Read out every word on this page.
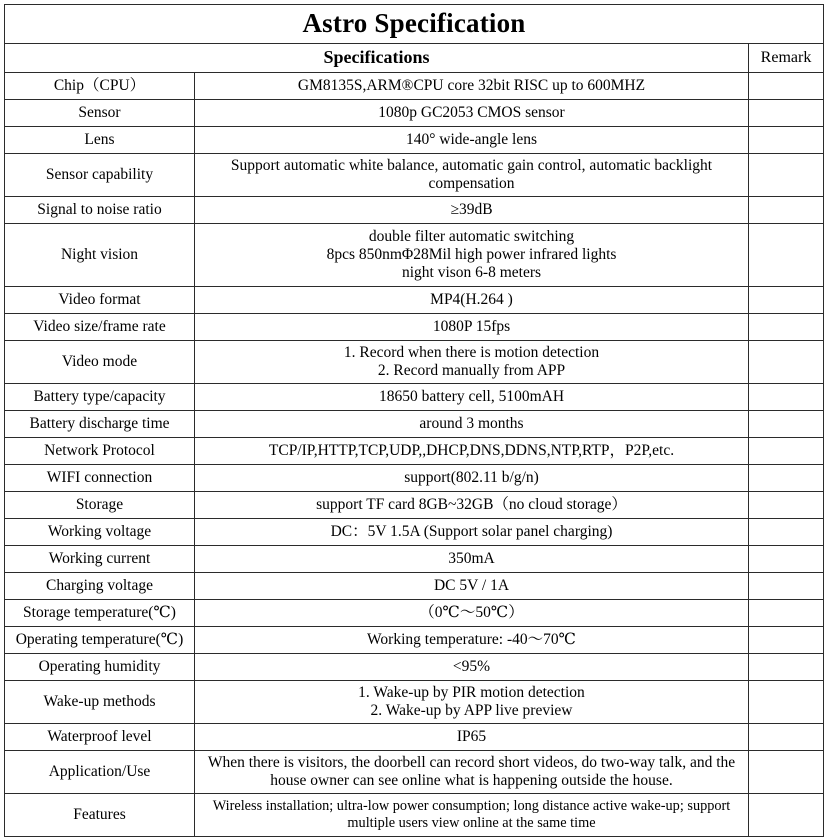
Astro Specification		
Specifications		Remark
Chip（CPU）	GM8135S,ARM®CPU core 32bit RISC up to 600MHZ	

Sensor	1080p GC2053 CMOS sensor	

Lens	140° wide-angle lens	

Sensor capability	Support automatic white balance, automatic gain control, automatic backlight
compensation	

Signal to noise ratio	≥39dB	

Night vision	double filter automatic switching
8pcs 850nmΦ28Mil high power infrared lights
night vison 6-8 meters	

Video format	MP4(H.264 )	

Video size/frame rate	1080P 15fps	

Video mode	1. Record when there is motion detection
2. Record manually from APP	

Battery type/capacity	18650 battery cell, 5100mAH	

Battery discharge time	around 3 months	

Network Protocol	TCP/IP,HTTP,TCP,UDP,,DHCP,DNS,DDNS,NTP,RTP，P2P,etc.	

WIFI connection	support(802.11 b/g/n)	

Storage	support TF card 8GB~32GB（no cloud storage）	

Working voltage	DC：5V 1.5A (Support solar panel charging)	

Working current	350mA	

Charging voltage	DC 5V / 1A	

Storage temperature(℃)	（0℃〜50℃）	

Operating temperature(℃)	Working temperature: -40〜70℃	

Operating humidity	<95%	

Wake-up methods	1. Wake-up by PIR motion detection
2. Wake-up by APP live preview	

Waterproof level	IP65	

Application/Use	When there is visitors, the doorbell can record short videos, do two-way talk, and the
house owner can see online what is happening outside the house.	

Features	Wireless installation; ultra-low power consumption; long distance active wake-up; support
multiple users view online at the same time	
